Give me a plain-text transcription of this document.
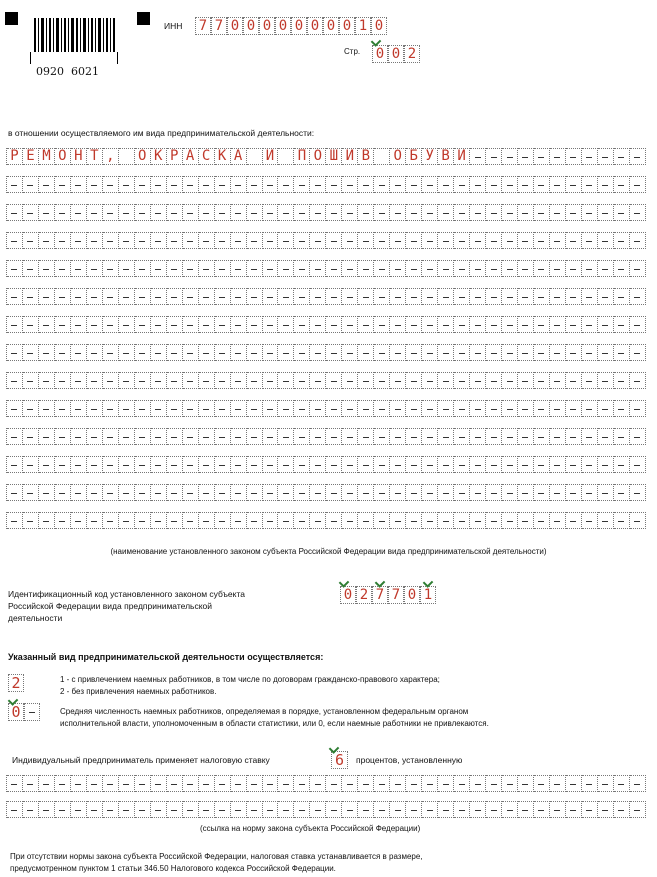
0920  6021
ИНН 7 7 0 0 0 0 0 0 0 0 1 0
Стр. 0 0 2
в отношении осуществляемого им вида предпринимательской деятельности:
Р Е М О Н Т ,	О К Р А С К А	И	П О Ш И В	О Б У В И
(наименование установленного законом субъекта Российской Федерации вида предпринимательской деятельности)
Идентификационный код установленного законом субъекта
Российской Федерации вида предпринимательской
деятельности
0 2 7 7 0 1
Указанный вид предпринимательской деятельности осуществляется:
2	1 - с привлечением наемных работников, в том числе по договорам гражданско-правового характера;
2 - без привлечения наемных работников.
0	Средняя численность наемных работников, определяемая в порядке, установленном федеральным органом
исполнительной власти, уполномоченным в области статистики, или 0, если наемные работники не привлекаются.
Индивидуальный предприниматель применяет налоговую ставку	6	процентов, установленную
(ссылка на норму закона субъекта Российской Федерации)
При отсутствии нормы закона субъекта Российской Федерации, налоговая ставка устанавливается в размере,
предусмотренном пунктом 1 статьи 346.50 Налогового кодекса Российской Федерации.
